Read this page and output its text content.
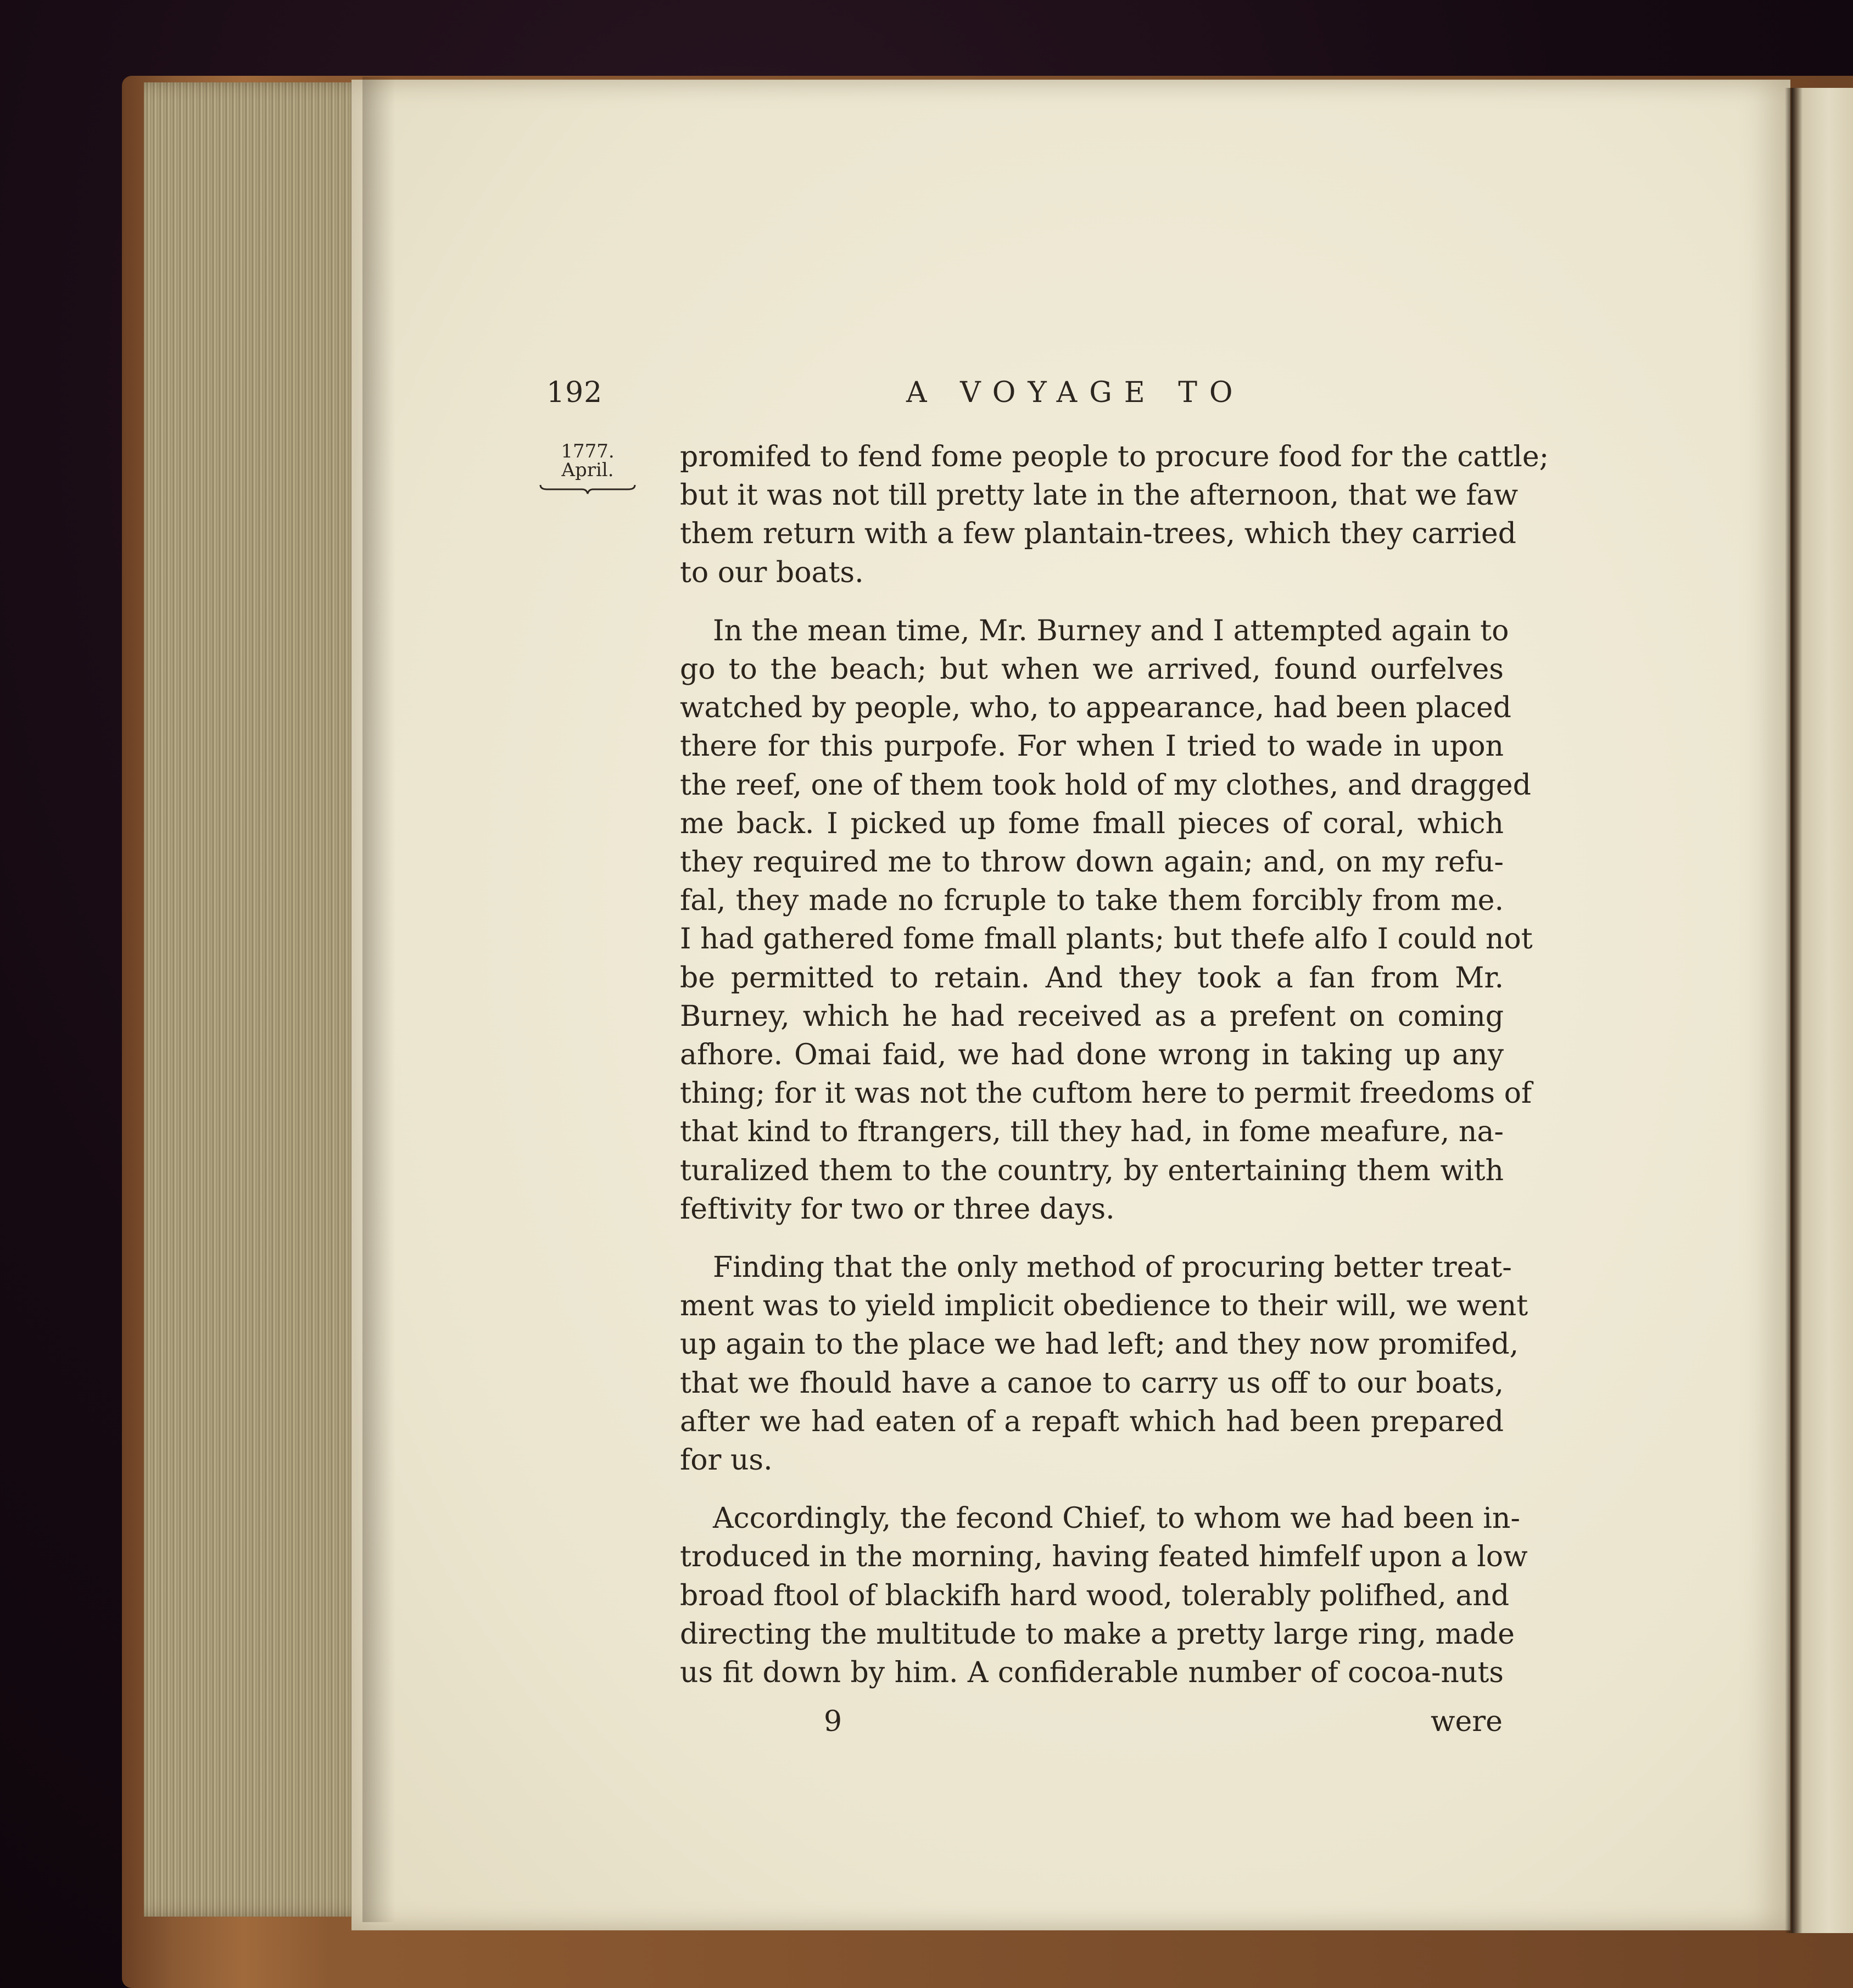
192	A VOYAGE TO
1777.
April.	promifed to fend fome people to procure food for the cattle;
but it was not till pretty late in the afternoon, that we faw
them return with a few plantain-trees, which they carried
to our boats.
In the mean time, Mr. Burney and I attempted again to
go to the beach; but when we arrived, found ourfelves
watched by people, who, to appearance, had been placed
there for this purpofe. For when I tried to wade in upon
the reef, one of them took hold of my clothes, and dragged
me back. I picked up fome fmall pieces of coral, which
they required me to throw down again; and, on my refu-
fal, they made no fcruple to take them forcibly from me.
I had gathered fome fmall plants; but thefe alfo I could not
be permitted to retain. And they took a fan from Mr.
Burney, which he had received as a prefent on coming
afhore. Omai faid, we had done wrong in taking up any
thing; for it was not the cuftom here to permit freedoms of
that kind to ftrangers, till they had, in fome meafure, na-
turalized them to the country, by entertaining them with
feftivity for two or three days.
Finding that the only method of procuring better treat-
ment was to yield implicit obedience to their will, we went
up again to the place we had left; and they now promifed,
that we fhould have a canoe to carry us off to our boats,
after we had eaten of a repaft which had been prepared
for us.
Accordingly, the fecond Chief, to whom we had been in-
troduced in the morning, having feated himfelf upon a low
broad ftool of blackifh hard wood, tolerably polifhed, and
directing the multitude to make a pretty large ring, made
us fit down by him. A confiderable number of cocoa-nuts
9	were
